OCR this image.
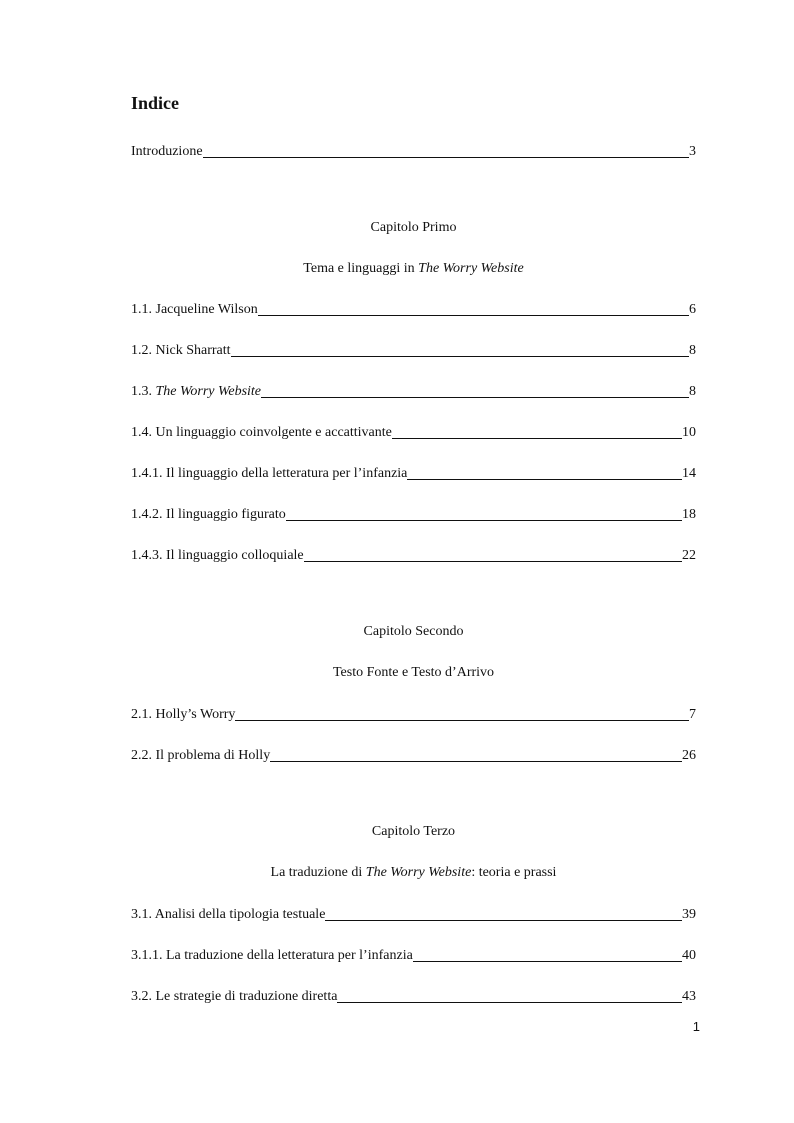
Indice
Introduzione	3
Capitolo Primo
Tema e linguaggi in The Worry Website
1.1. Jacqueline Wilson	6
1.2. Nick Sharratt	8
1.3. The Worry Website	8
1.4. Un linguaggio coinvolgente e accattivante	10
1.4.1. Il linguaggio della letteratura per l’infanzia	14
1.4.2. Il linguaggio figurato	18
1.4.3. Il linguaggio colloquiale	22
Capitolo Secondo
Testo Fonte e Testo d’Arrivo
2.1. Holly’s Worry	7
2.2. Il problema di Holly	26
Capitolo Terzo
La traduzione di The Worry Website: teoria e prassi
3.1. Analisi della tipologia testuale	39
3.1.1. La traduzione della letteratura per l’infanzia	40
3.2. Le strategie di traduzione diretta	43
1
